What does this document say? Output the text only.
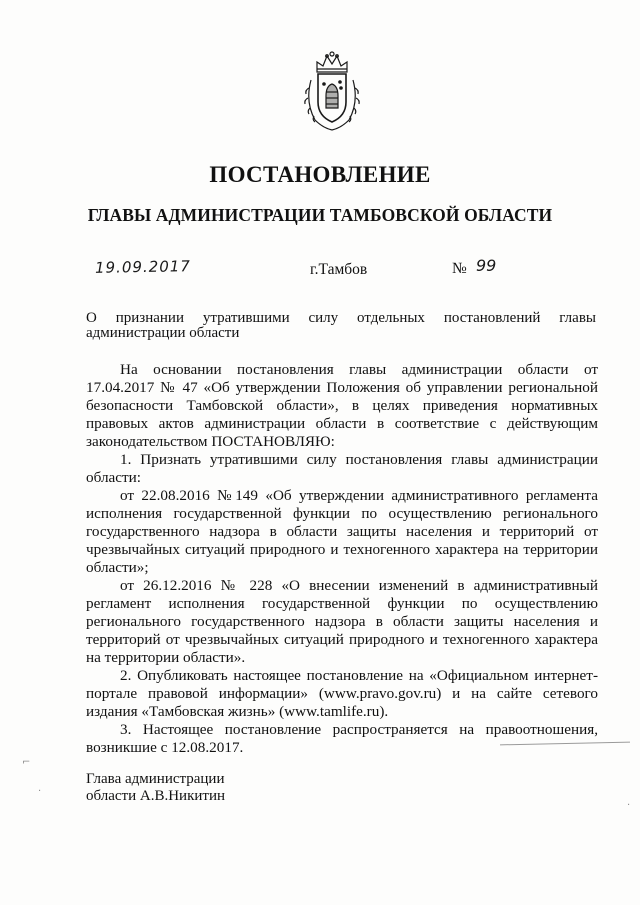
ПОСТАНОВЛЕНИЕ
ГЛАВЫ АДМИНИСТРАЦИИ ТАМБОВСКОЙ ОБЛАСТИ
19.09.2017	г.Тамбов	№ 99
О признании утратившими силу отдельных постановлений главы
администрации области

На основании постановления главы администрации области от 17.04.2017 № 47 «Об утверждении Положения об управлении региональной безопасности Тамбовской области», в целях приведения нормативных правовых актов администрации области в соответствие с действующим законодательством ПОСТАНОВЛЯЮ:

1. Признать утратившими силу постановления главы администрации области:

от 22.08.2016 №149 «Об утверждении административного регламента исполнения государственной функции по осуществлению регионального государственного надзора в области защиты населения и территорий от чрезвычайных ситуаций природного и техногенного характера на территории области»;

от 26.12.2016 № 228 «О внесении изменений в административный регламент исполнения государственной функции по осуществлению регионального государственного надзора в области защиты населения и территорий от чрезвычайных ситуаций природного и техногенного характера на территории области».

2. Опубликовать настоящее постановление на «Официальном интернет-портале правовой информации» (www.pravo.gov.ru) и на сайте сетевого издания «Тамбовская жизнь» (www.tamlife.ru).

3. Настоящее постановление распространяется на правоотношения, возникшие с 12.08.2017.

⌐
·
·
Глава администрации
области А.В.Никитин
